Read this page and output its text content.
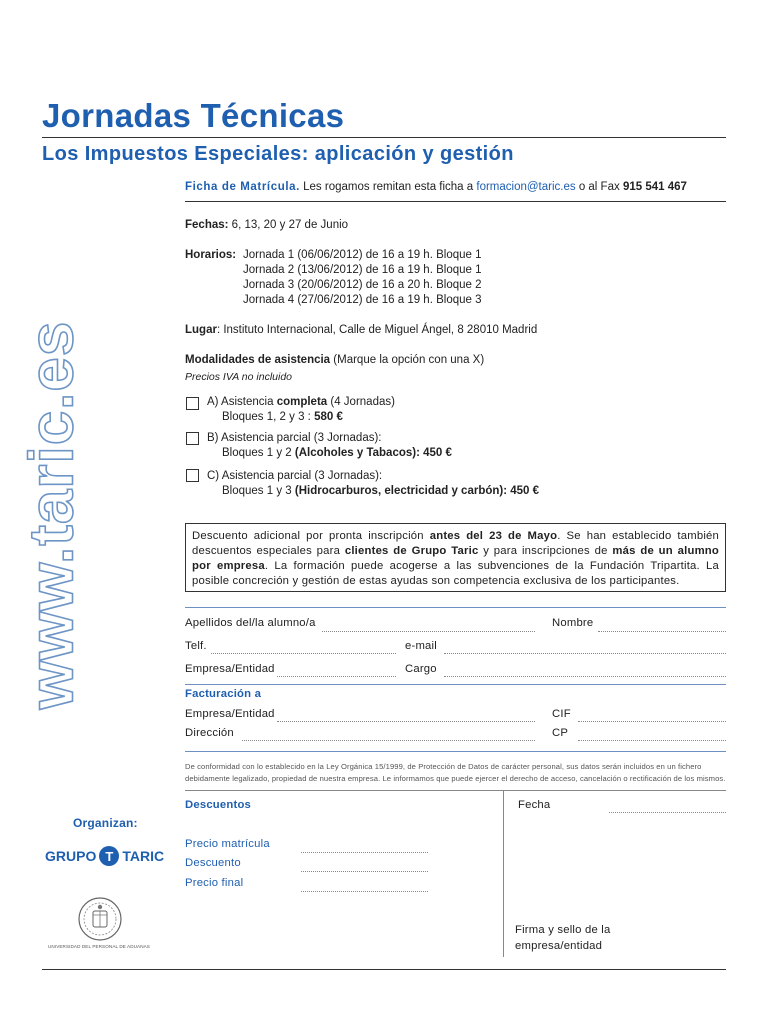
Jornadas Técnicas
Los Impuestos Especiales: aplicación y gestión
www.taric.es
Ficha de Matrícula. Les rogamos remitan esta ficha a formacion@taric.es o al Fax 915 541 467
Fechas: 6, 13, 20 y 27 de Junio
Horarios: Jornada 1 (06/06/2012) de 16 a 19 h. Bloque 1
Jornada 2 (13/06/2012) de 16 a 19 h. Bloque 1
Jornada 3 (20/06/2012) de 16 a 20 h. Bloque 2
Jornada 4 (27/06/2012) de 16 a 19 h. Bloque 3
Lugar: Instituto Internacional, Calle de Miguel Ángel, 8 28010 Madrid
Modalidades de asistencia (Marque la opción con una X)
Precios IVA no incluido
A) Asistencia completa (4 Jornadas)
Bloques 1, 2 y 3 : 580 €
B) Asistencia parcial (3 Jornadas):
Bloques 1 y 2 (Alcoholes y Tabacos): 450 €
C) Asistencia parcial (3 Jornadas):
Bloques 1 y 3 (Hidrocarburos, electricidad y carbón): 450 €
Descuento adicional por pronta inscripción antes del 23 de Mayo. Se han establecido también descuentos especiales para clientes de Grupo Taric y para inscripciones de más de un alumno por empresa. La formación puede acogerse a las subvenciones de la Fundación Tripartita. La posible concreción y gestión de estas ayudas son competencia exclusiva de los participantes.
Apellidos del/la alumno/a	Nombre
Telf.	e-mail
Empresa/Entidad	Cargo
Facturación a
Empresa/Entidad	CIF
Dirección	CP
De conformidad con lo establecido en la Ley Orgánica 15/1999, de Protección de Datos de carácter personal, sus datos serán incluidos en un fichero debidamente legalizado, propiedad de nuestra empresa. Le informamos que puede ejercer el derecho de acceso, cancelación o rectificación de los mismos.
Descuentos
Precio matrícula
Descuento
Precio final
Fecha
Firma y sello de la
empresa/entidad
Organizan:
GRUPO T TARIC
UNIVERSIDAD DEL PERSONAL DE ADUANAS
